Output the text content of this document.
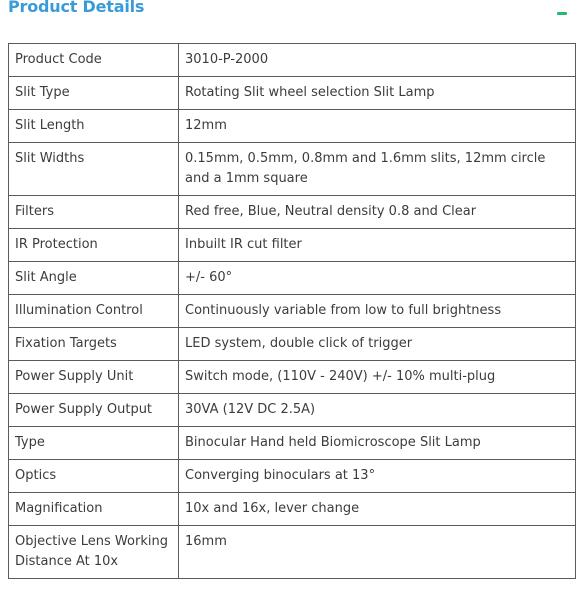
Product Details
Product Code	3010-P-2000
Slit Type	Rotating Slit wheel selection Slit Lamp
Slit Length	12mm
Slit Widths	0.15mm, 0.5mm, 0.8mm and 1.6mm slits, 12mm circle and a 1mm square
Filters	Red free, Blue, Neutral density 0.8 and Clear
IR Protection	Inbuilt IR cut filter
Slit Angle	+/- 60°
Illumination Control	Continuously variable from low to full brightness
Fixation Targets	LED system, double click of trigger
Power Supply Unit	Switch mode, (110V - 240V) +/- 10% multi-plug
Power Supply Output	30VA (12V DC 2.5A)
Type	Binocular Hand held Biomicroscope Slit Lamp
Optics	Converging binoculars at 13°
Magnification	10x and 16x, lever change
Objective Lens Working Distance At 10x	16mm
